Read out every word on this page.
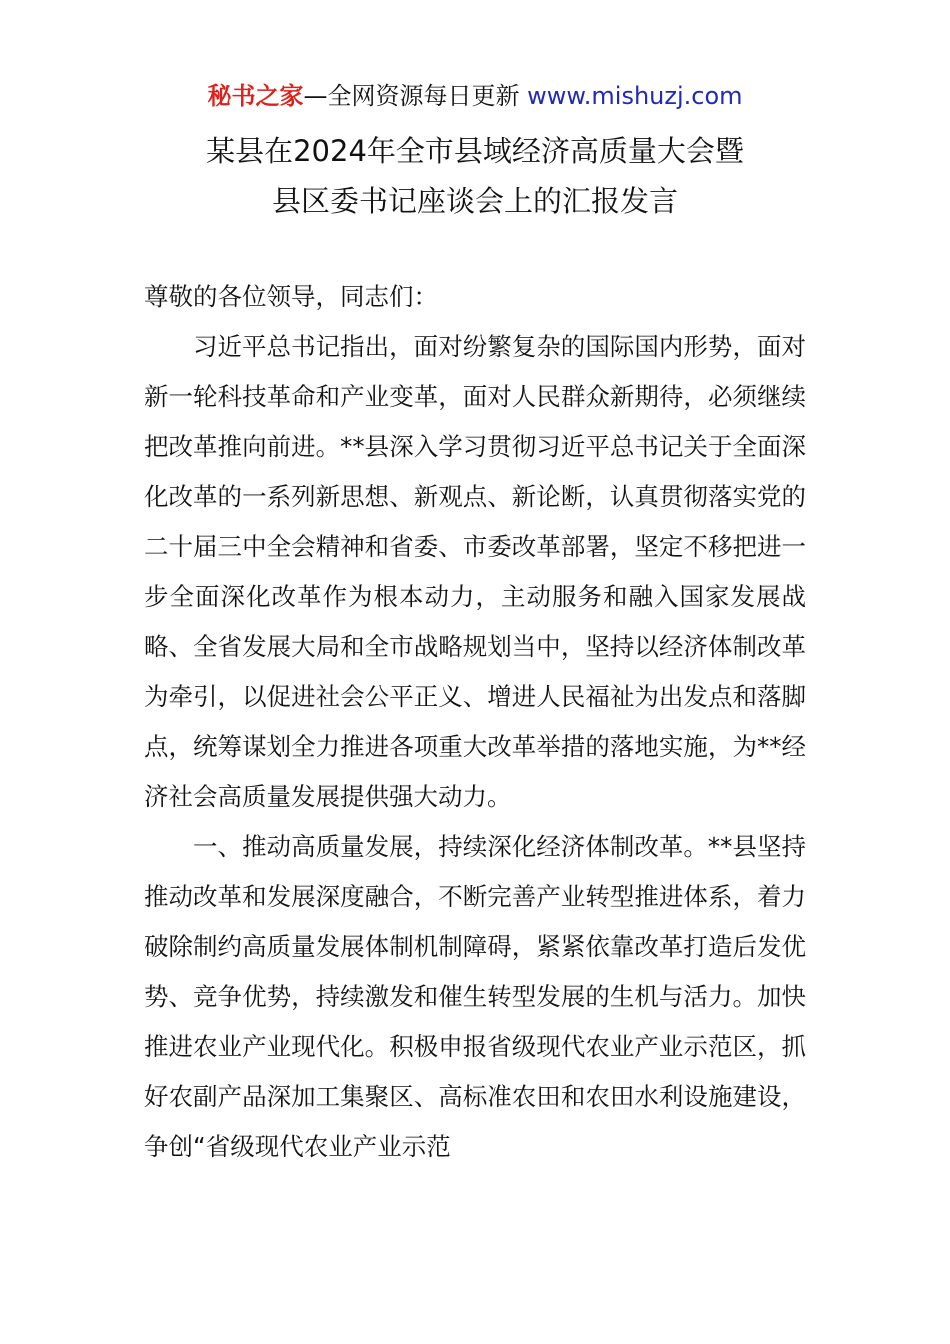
秘书之家—全网资源每日更新 www.mishuzj.com
某县在2024年全市县域经济高质量大会暨
县区委书记座谈会上的汇报发言

尊敬的各位领导，同志们：

习近平总书记指出，面对纷繁复杂的国际国内形势，面对新一轮科技革命和产业变革，面对人民群众新期待，必须继续把改革推向前进。**县深入学习贯彻习近平总书记关于全面深化改革的一系列新思想、新观点、新论断，认真贯彻落实党的二十届三中全会精神和省委、市委改革部署，坚定不移把进一步全面深化改革作为根本动力，主动服务和融入国家发展战略、全省发展大局和全市战略规划当中，坚持以经济体制改革为牵引，以促进社会公平正义、增进人民福祉为出发点和落脚点，统筹谋划全力推进各项重大改革举措的落地实施，为**经济社会高质量发展提供强大动力。

一、推动高质量发展，持续深化经济体制改革。**县坚持推动改革和发展深度融合，不断完善产业转型推进体系，着力破除制约高质量发展体制机制障碍，紧紧依靠改革打造后发优势、竞争优势，持续激发和催生转型发展的生机与活力。加快推进农业产业现代化。积极申报省级现代农业产业示范区，抓好农副产品深加工集聚区、高标准农田和农田水利设施建设，争创“省级现代农业产业示范
